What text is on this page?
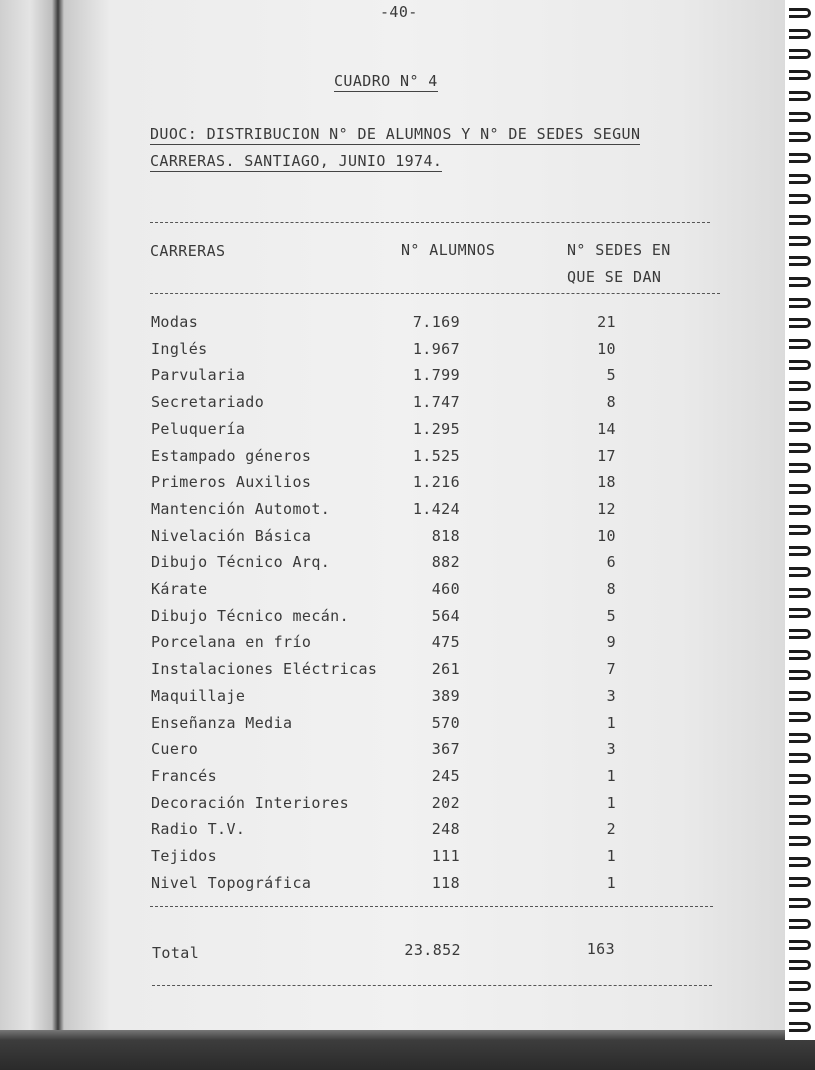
-40-
CUADRO N° 4
DUOC: DISTRIBUCION N° DE ALUMNOS Y N° DE SEDES SEGUN
CARRERAS. SANTIAGO, JUNIO 1974.
CARRERAS	N° ALUMNOS	N° SEDES EN
QUE SE DAN
Modas	7.169	21
Inglés	1.967	10
Parvularia	1.799	5
Secretariado	1.747	8
Peluquería	1.295	14
Estampado géneros	1.525	17
Primeros Auxilios	1.216	18
Mantención Automot.	1.424	12
Nivelación Básica	818	10
Dibujo Técnico Arq.	882	6
Kárate	460	8
Dibujo Técnico mecán.	564	5
Porcelana en frío	475	9
Instalaciones Eléctricas	261	7
Maquillaje	389	3
Enseñanza Media	570	1
Cuero	367	3
Francés	245	1
Decoración Interiores	202	1
Radio T.V.	248	2
Tejidos	111	1
Nivel Topográfica	118	1
Total	23.852	163
